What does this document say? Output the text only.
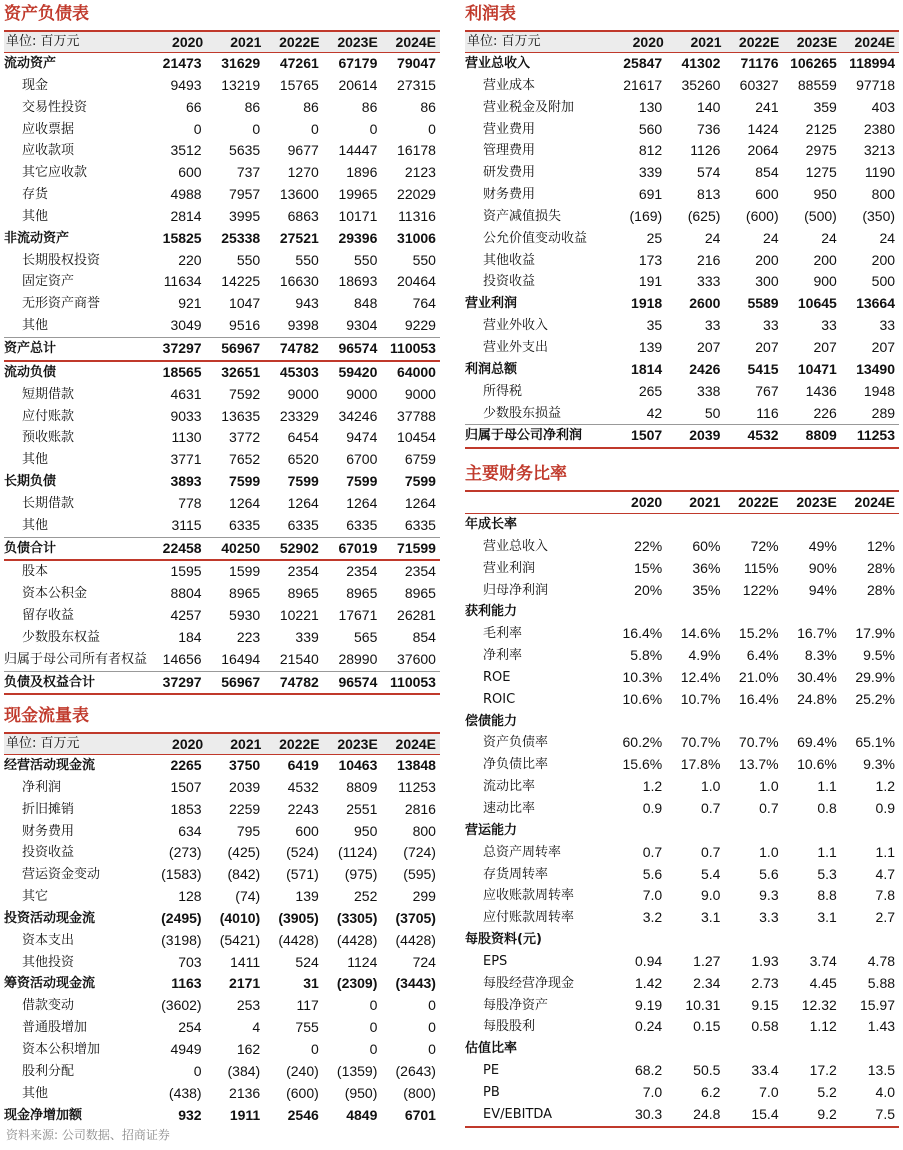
资产负债表
单位: 百万元	2020	2021	2022E	2023E	2024E
流动资产	21473	31629	47261	67179	79047
现金	9493	13219	15765	20614	27315
交易性投资	66	86	86	86	86
应收票据	0	0	0	0	0
应收款项	3512	5635	9677	14447	16178
其它应收款	600	737	1270	1896	2123
存货	4988	7957	13600	19965	22029
其他	2814	3995	6863	10171	11316
非流动资产	15825	25338	27521	29396	31006
长期股权投资	220	550	550	550	550
固定资产	11634	14225	16630	18693	20464
无形资产商誉	921	1047	943	848	764
其他	3049	9516	9398	9304	9229
资产总计	37297	56967	74782	96574 110053
流动负债	18565	32651	45303	59420	64000
短期借款	4631	7592	9000	9000	9000
应付账款	9033	13635	23329	34246	37788
预收账款	1130	3772	6454	9474	10454
其他	3771	7652	6520	6700	6759
长期负债	3893	7599	7599	7599	7599
长期借款	778	1264	1264	1264	1264
其他	3115	6335	6335	6335	6335
负债合计	22458	40250	52902	67019	71599
股本	1595	1599	2354	2354	2354
资本公积金	8804	8965	8965	8965	8965
留存收益	4257	5930	10221	17671	26281
少数股东权益	184	223	339	565	854
归属于母公司所有者权益	14656	16494	21540	28990	37600
负债及权益合计	37297	56967	74782	96574 110053
现金流量表
单位: 百万元	2020	2021	2022E	2023E	2024E
经营活动现金流	2265	3750	6419	10463	13848
净利润	1507	2039	4532	8809	11253
折旧摊销	1853	2259	2243	2551	2816
财务费用	634	795	600	950	800
投资收益	(273)	(425)	(524)	(1124)	(724)
营运资金变动	(1583)	(842)	(571)	(975)	(595)
其它	128	(74)	139	252	299
投资活动现金流	(2495)	(4010)	(3905)	(3305)	(3705)
资本支出	(3198)	(5421)	(4428)	(4428)	(4428)
其他投资	703	1411	524	1124	724
筹资活动现金流	1163	2171	31	(2309)	(3443)
借款变动	(3602)	253	117	0	0
普通股增加	254	4	755	0	0
资本公积增加	4949	162	0	0	0
股利分配	0	(384)	(240)	(1359)	(2643)
其他	(438)	2136	(600)	(950)	(800)
现金净增加额	932	1911	2546	4849	6701
利润表
单位: 百万元	2020	2021	2022E	2023E	2024E
营业总收入	25847	41302	71176 106265 118994
营业成本	21617	35260	60327	88559	97718
营业税金及附加	130	140	241	359	403
营业费用	560	736	1424	2125	2380
管理费用	812	1126	2064	2975	3213
研发费用	339	574	854	1275	1190
财务费用	691	813	600	950	800
资产减值损失	(169)	(625)	(600)	(500)	(350)
公允价值变动收益	25	24	24	24	24
其他收益	173	216	200	200	200
投资收益	191	333	300	900	500
营业利润	1918	2600	5589	10645	13664
营业外收入	35	33	33	33	33
营业外支出	139	207	207	207	207
利润总额	1814	2426	5415	10471	13490
所得税	265	338	767	1436	1948
少数股东损益	42	50	116	226	289
归属于母公司净利润	1507	2039	4532	8809	11253
主要财务比率
2020	2021	2022E	2023E	2024E
年成长率
营业总收入	22%	60%	72%	49%	12%
营业利润	15%	36%	115%	90%	28%
归母净利润	20%	35%	122%	94%	28%
获利能力
毛利率	16.4%	14.6%	15.2%	16.7%	17.9%
净利率	5.8%	4.9%	6.4%	8.3%	9.5%
ROE	10.3%	12.4%	21.0%	30.4%	29.9%
ROIC	10.6%	10.7%	16.4%	24.8%	25.2%
偿债能力
资产负债率	60.2%	70.7%	70.7%	69.4%	65.1%
净负债比率	15.6%	17.8%	13.7%	10.6%	9.3%
流动比率	1.2	1.0	1.0	1.1	1.2
速动比率	0.9	0.7	0.7	0.8	0.9
营运能力
总资产周转率	0.7	0.7	1.0	1.1	1.1
存货周转率	5.6	5.4	5.6	5.3	4.7
应收账款周转率	7.0	9.0	9.3	8.8	7.8
应付账款周转率	3.2	3.1	3.3	3.1	2.7
每股资料(元)
EPS	0.94	1.27	1.93	3.74	4.78
每股经营净现金	1.42	2.34	2.73	4.45	5.88
每股净资产	9.19	10.31	9.15	12.32	15.97
每股股利	0.24	0.15	0.58	1.12	1.43
估值比率
PE	68.2	50.5	33.4	17.2	13.5
PB	7.0	6.2	7.0	5.2	4.0
EV/EBITDA	30.3	24.8	15.4	9.2	7.5
资料来源: 公司数据、招商证券
